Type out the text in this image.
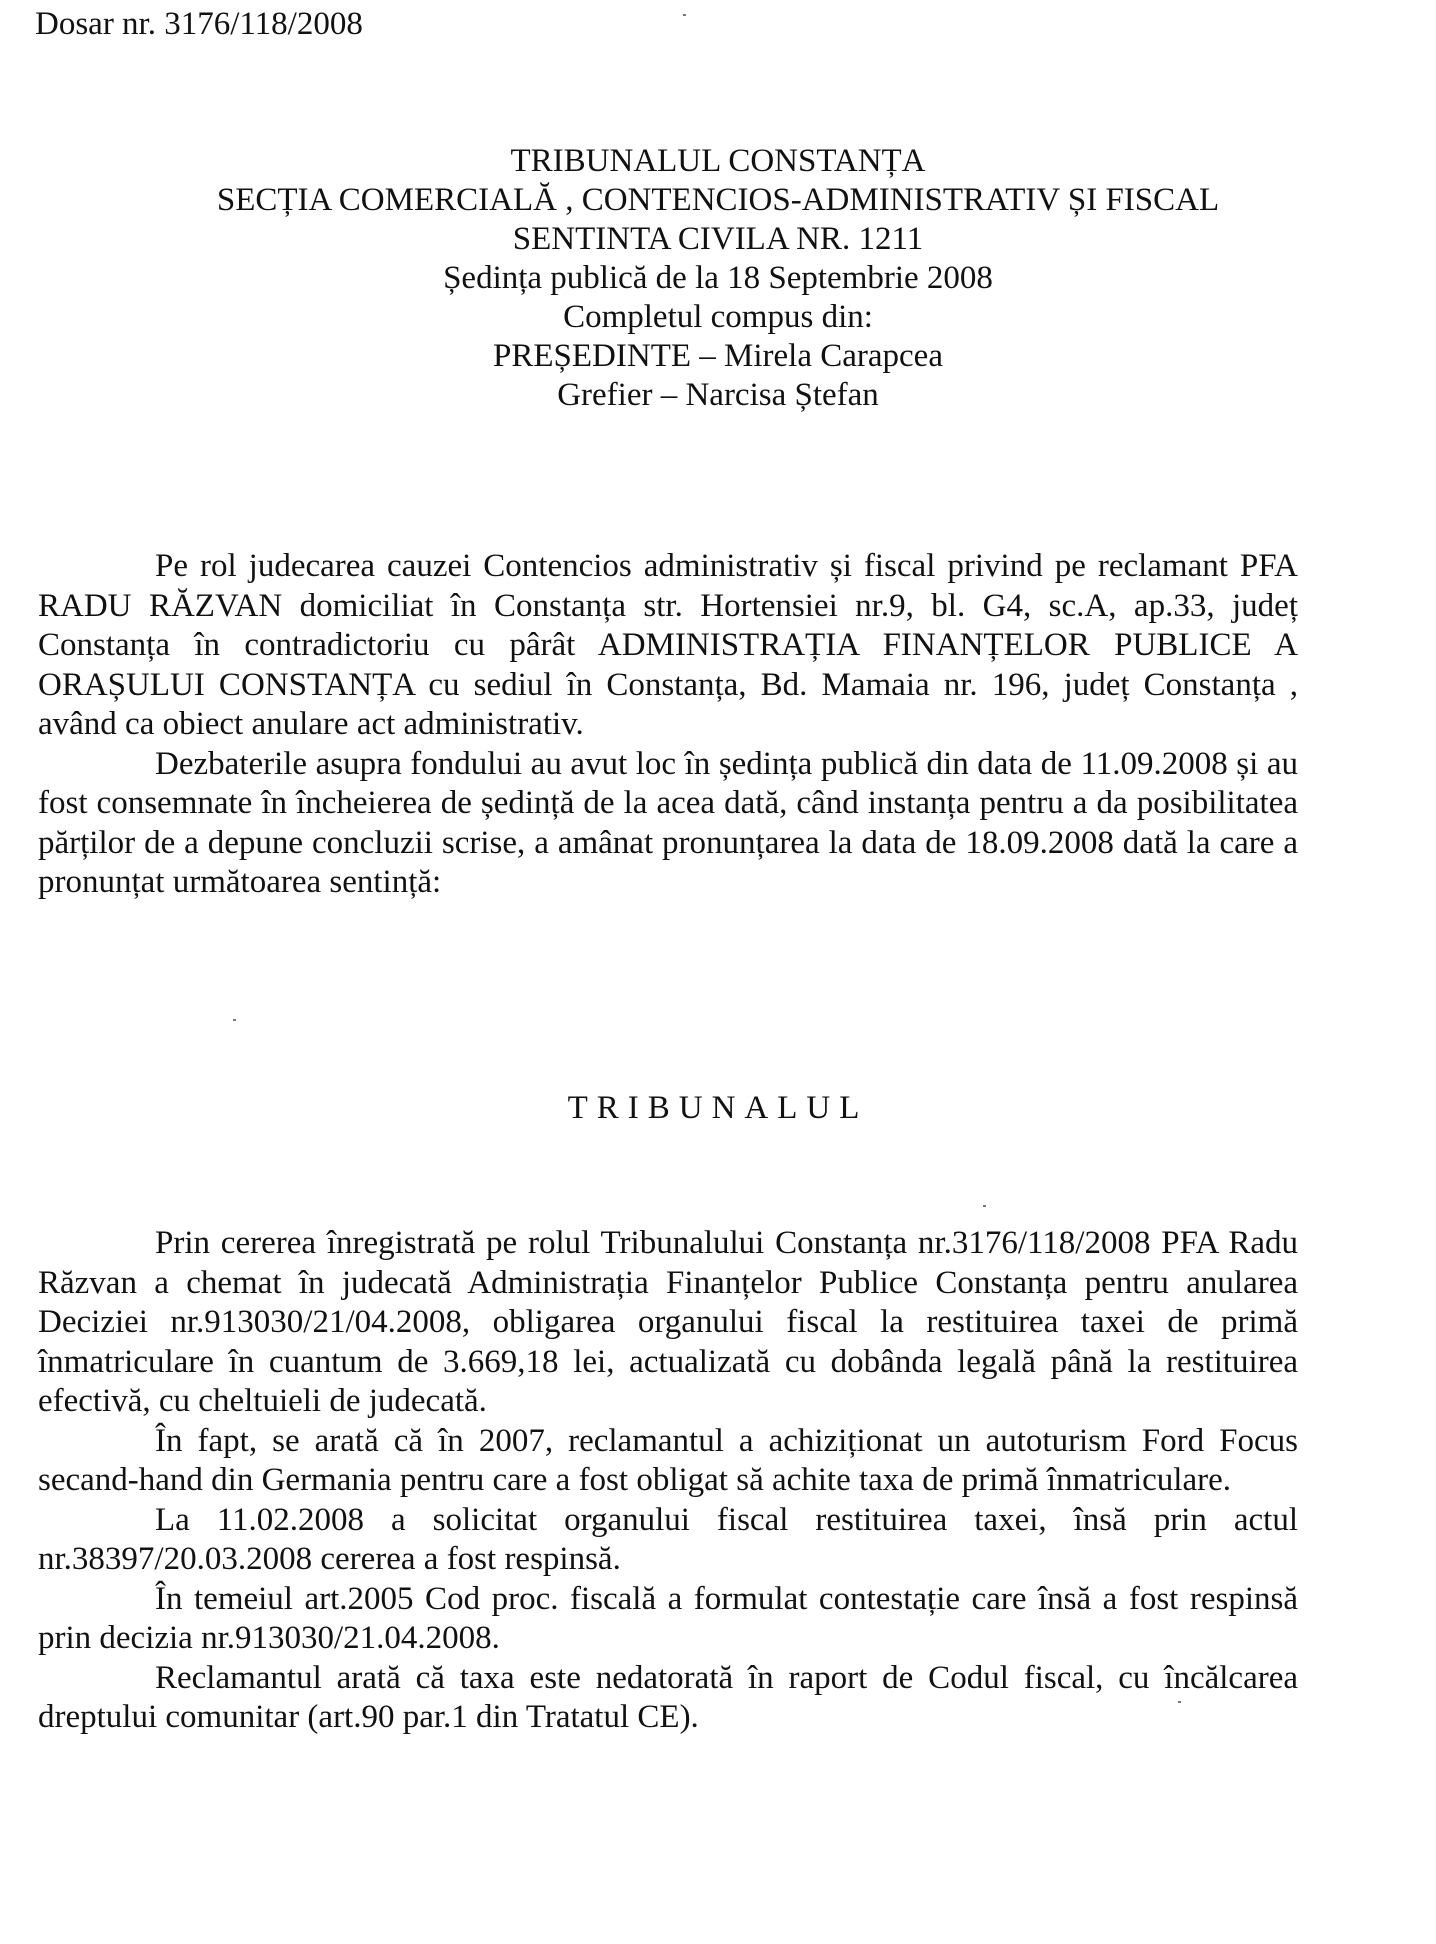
Dosar nr. 3176/118/2008
TRIBUNALUL CONSTANȚA
SECȚIA COMERCIALĂ , CONTENCIOS-ADMINISTRATIV ȘI FISCAL
SENTINTA CIVILA NR. 1211
Ședința publică de la 18 Septembrie 2008
Completul compus din:
PREȘEDINTE – Mirela Carapcea
Grefier – Narcisa Ștefan

Pe rol judecarea cauzei Contencios administrativ și fiscal privind pe reclamant PFA RADU RĂZVAN domiciliat în Constanța str. Hortensiei nr.9, bl. G4, sc.A, ap.33, județ Constanța în contradictoriu cu pârât ADMINISTRAȚIA FINANȚELOR PUBLICE A ORAȘULUI CONSTANȚA cu sediul în Constanța, Bd. Mamaia nr. 196, județ Constanța , având ca obiect anulare act administrativ.

Dezbaterile asupra fondului au avut loc în ședința publică din data de 11.09.2008 și au fost consemnate în încheierea de ședință de la acea dată, când instanța pentru a da posibilitatea părților de a depune concluzii scrise, a amânat pronunțarea la data de 18.09.2008 dată la care a pronunțat următoarea sentință:

TRIBUNALUL

Prin cererea înregistrată pe rolul Tribunalului Constanța nr.3176/118/2008 PFA Radu Răzvan a chemat în judecată Administrația Finanțelor Publice Constanța pentru anularea Deciziei nr.913030/21/04.2008, obligarea organului fiscal la restituirea taxei de primă înmatriculare în cuantum de 3.669,18 lei, actualizată cu dobânda legală până la restituirea efectivă, cu cheltuieli de judecată.

În fapt, se arată că în 2007, reclamantul a achiziționat un autoturism Ford Focus secand-hand din Germania pentru care a fost obligat să achite taxa de primă înmatriculare.

La 11.02.2008 a solicitat organului fiscal restituirea taxei, însă prin actul nr.38397/20.03.2008 cererea a fost respinsă.

În temeiul art.2005 Cod proc. fiscală a formulat contestație care însă a fost respinsă prin decizia nr.913030/21.04.2008.

Reclamantul arată că taxa este nedatorată în raport de Codul fiscal, cu încălcarea dreptului comunitar (art.90 par.1 din Tratatul CE).
